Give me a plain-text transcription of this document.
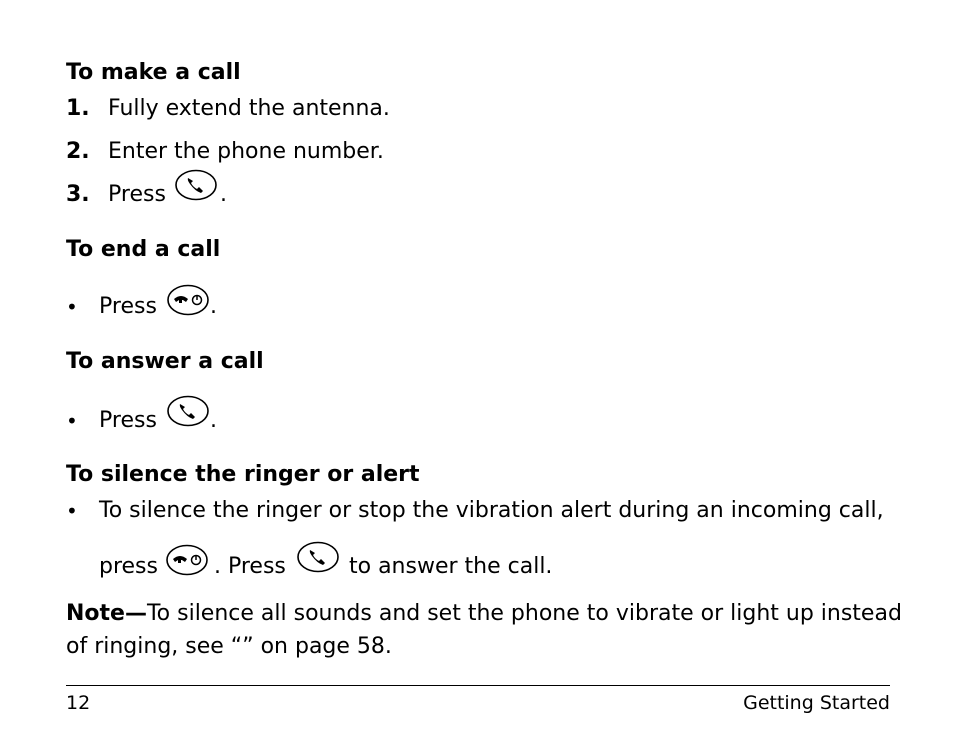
To make a call
1. Fully extend the antenna.
2. Enter the phone number.
3. Press .
To end a call
• Press .
To answer a call
• Press .
To silence the ringer or alert
• To silence the ringer or stop the vibration alert during an incoming call,
press	. Press	to answer the call.
Note—To silence all sounds and set the phone to vibrate or light up instead
of ringing, see “” on page 58.
12	Getting Started
